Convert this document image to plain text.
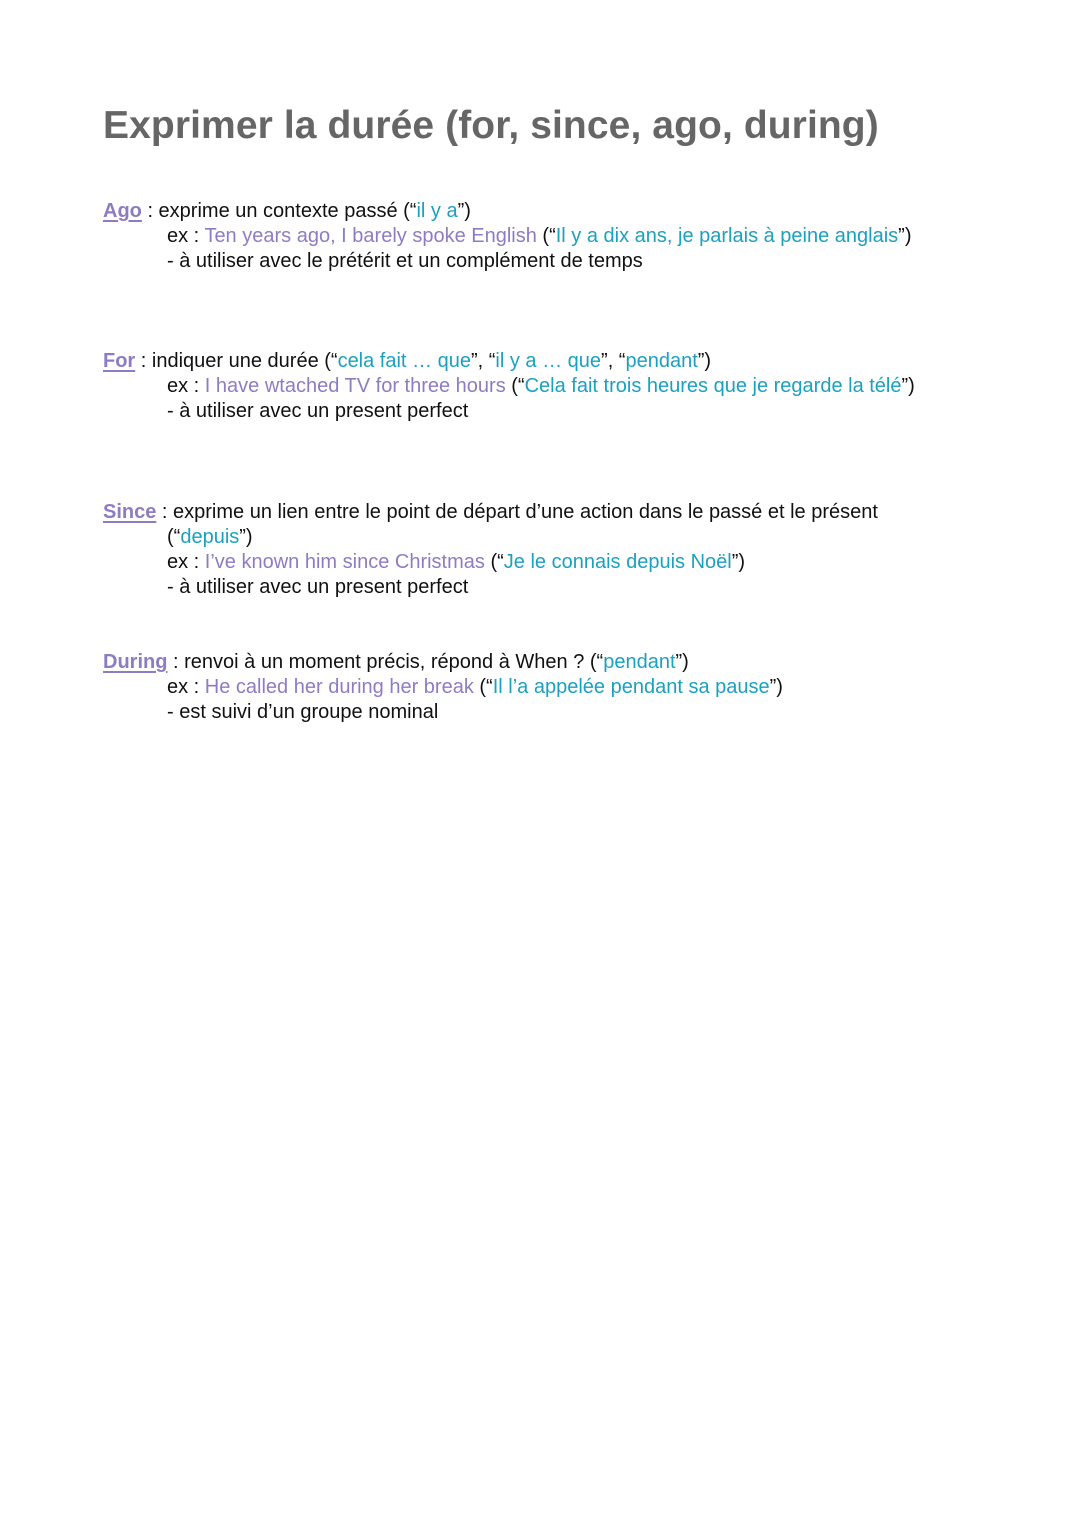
Exprimer la durée (for, since, ago, during)

Ago : exprime un contexte passé (“il y a”)

ex : Ten years ago, I barely spoke English (“Il y a dix ans, je parlais à peine anglais”)

- à utiliser avec le prétérit et un complément de temps

For : indiquer une durée (“cela fait … que”, “il y a … que”, “pendant”)

ex : I have wtached TV for three hours (“Cela fait trois heures que je regarde la télé”)

- à utiliser avec un present perfect

Since : exprime un lien entre le point de départ d’une action dans le passé et le présent

(“depuis”)

ex : I’ve known him since Christmas (“Je le connais depuis Noël”)

- à utiliser avec un present perfect

During : renvoi à un moment précis, répond à When ? (“pendant”)

ex : He called her during her break (“Il l’a appelée pendant sa pause”)

- est suivi d’un groupe nominal
